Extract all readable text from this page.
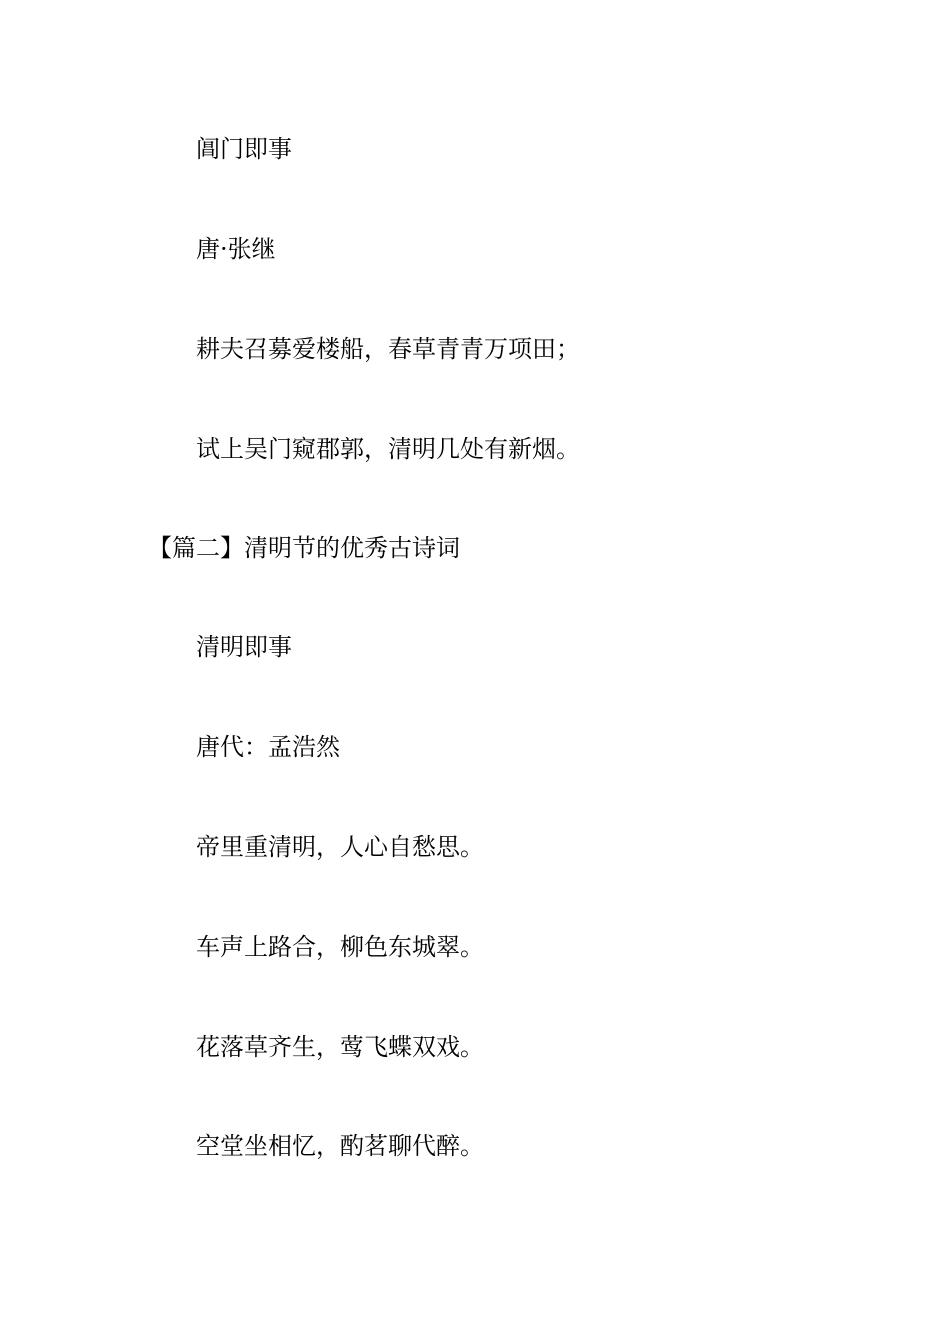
阊门即事
唐·张继
耕夫召募爱楼船，春草青青万项田；
试上吴门窥郡郭，清明几处有新烟。
【篇二】清明节的优秀古诗词
清明即事
唐代：孟浩然
帝里重清明，人心自愁思。
车声上路合，柳色东城翠。
花落草齐生，莺飞蝶双戏。
空堂坐相忆，酌茗聊代醉。
